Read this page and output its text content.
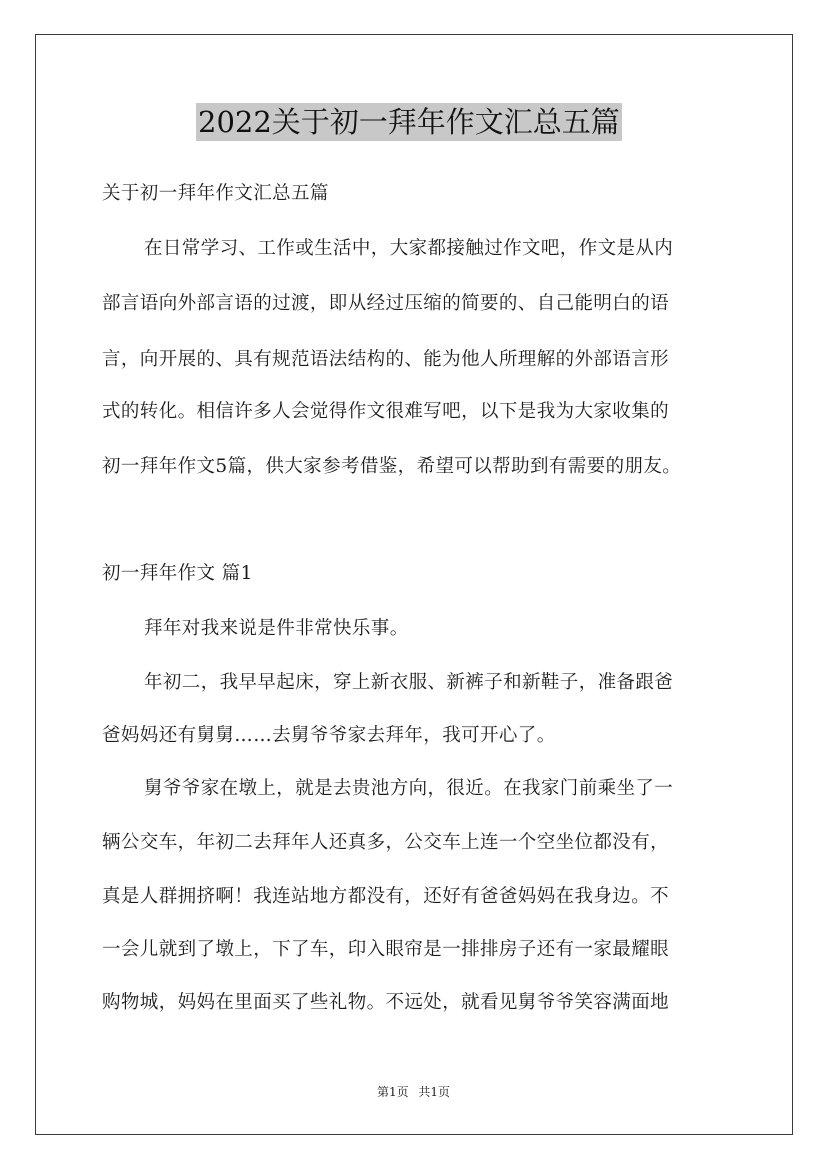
2022关于初一拜年作文汇总五篇
关于初一拜年作文汇总五篇
在日常学习、工作或生活中，大家都接触过作文吧，作文是从内
部言语向外部言语的过渡，即从经过压缩的简要的、自己能明白的语
言，向开展的、具有规范语法结构的、能为他人所理解的外部语言形
式的转化。相信许多人会觉得作文很难写吧，以下是我为大家收集的
初一拜年作文5篇，供大家参考借鉴，希望可以帮助到有需要的朋友。
初一拜年作文 篇1
拜年对我来说是件非常快乐事。
年初二，我早早起床，穿上新衣服、新裤子和新鞋子，准备跟爸
爸妈妈还有舅舅……去舅爷爷家去拜年，我可开心了。
舅爷爷家在墩上，就是去贵池方向，很近。在我家门前乘坐了一
辆公交车，年初二去拜年人还真多，公交车上连一个空坐位都没有，
真是人群拥挤啊！我连站地方都没有，还好有爸爸妈妈在我身边。不
一会儿就到了墩上，下了车，印入眼帘是一排排房子还有一家最耀眼
购物城，妈妈在里面买了些礼物。不远处，就看见舅爷爷笑容满面地
第1页 共1页
